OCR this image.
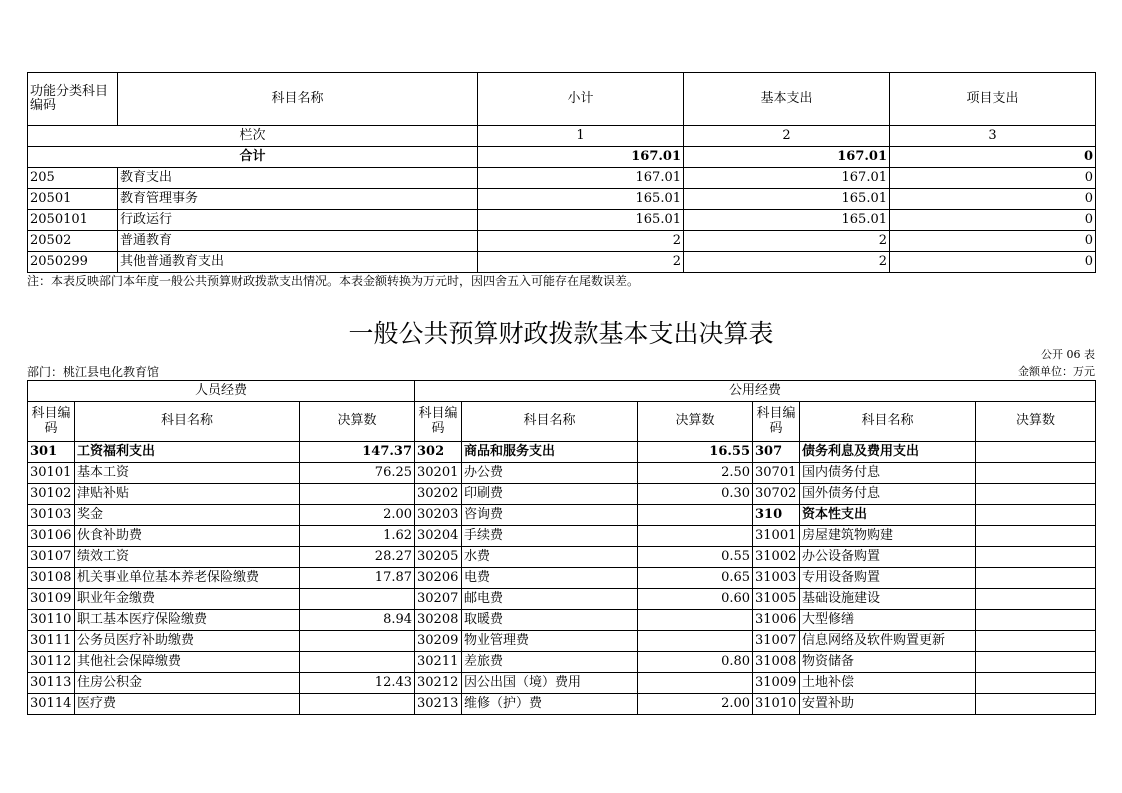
功能分类科目编码	科目名称	小计	基本支出	项目支出
栏次		1	2	3
合计		167.01	167.01	0
205	教育支出	167.01	167.01	0
20501	教育管理事务	165.01	165.01	0
2050101	行政运行	165.01	165.01	0
20502	普通教育	2	2	0
2050299	其他普通教育支出	2	2	0
注：本表反映部门本年度一般公共预算财政拨款支出情况。本表金额转换为万元时，因四舍五入可能存在尾数误差。
一般公共预算财政拨款基本支出决算表
公开 06 表
部门：桃江县电化教育馆	金额单位：万元
人员经费			公用经费					
科目编码	科目名称	决算数	科目编码	科目名称	决算数	科目编码	科目名称	决算数
301	工资福利支出	147.37	302	商品和服务支出	16.55	307	债务利息及费用支出	
30101	基本工资	76.25	30201	办公费	2.50	30701	国内债务付息	
30102	津贴补贴		30202	印刷费	0.30	30702	国外债务付息	
30103	奖金	2.00	30203	咨询费		310	资本性支出	
30106	伙食补助费	1.62	30204	手续费		31001	房屋建筑物购建	
30107	绩效工资	28.27	30205	水费	0.55	31002	办公设备购置	
30108	机关事业单位基本养老保险缴费	17.87	30206	电费	0.65	31003	专用设备购置	
30109	职业年金缴费		30207	邮电费	0.60	31005	基础设施建设	
30110	职工基本医疗保险缴费	8.94	30208	取暖费		31006	大型修缮	
30111	公务员医疗补助缴费		30209	物业管理费		31007	信息网络及软件购置更新	
30112	其他社会保障缴费		30211	差旅费	0.80	31008	物资储备	
30113	住房公积金	12.43	30212	因公出国（境）费用		31009	土地补偿	
30114	医疗费		30213	维修（护）费	2.00	31010	安置补助	
